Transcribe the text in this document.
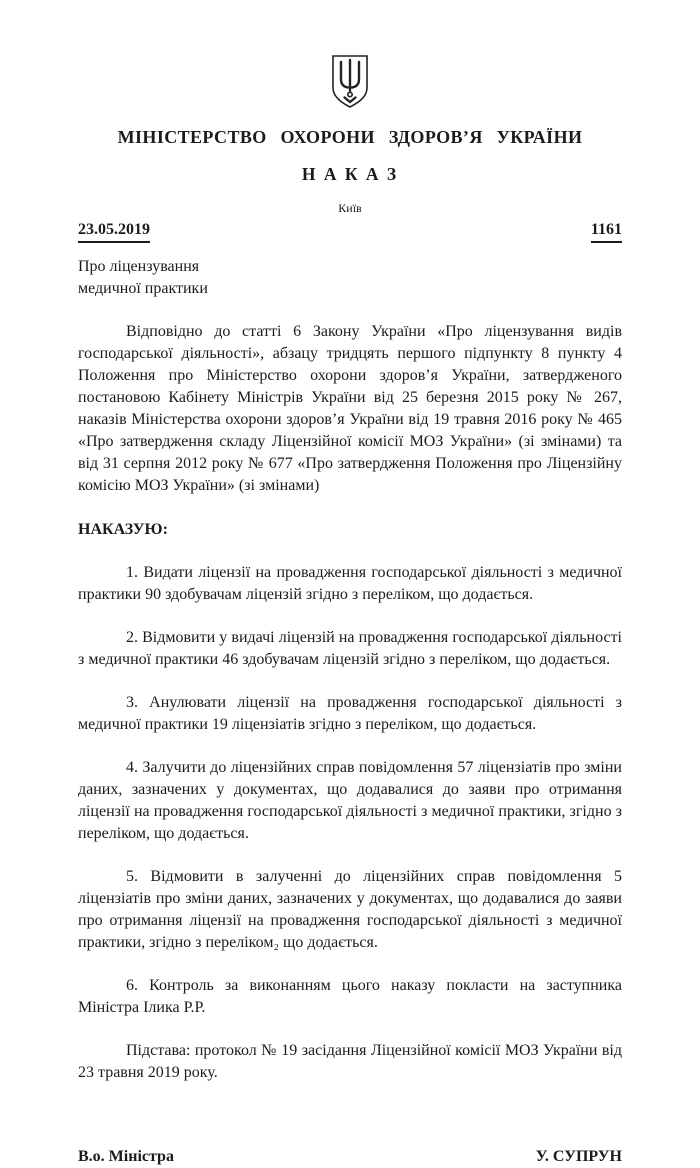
МІНІСТЕРСТВО ОХОРОНИ ЗДОРОВ’Я УКРАЇНИ
Н А К А З
Київ
23.05.2019	1161
Про ліцензування
медичної практики
Відповідно до статті 6 Закону України «Про ліцензування видів господарської діяльності», абзацу тридцять першого підпункту 8 пункту 4 Положення про Міністерство охорони здоров’я України, затвердженого постановою Кабінету Міністрів України від 25 березня 2015 року № 267, наказів Міністерства охорони здоров’я України від 19 травня 2016 року № 465 «Про затвердження складу Ліцензійної комісії МОЗ України» (зі змінами) та від 31 серпня 2012 року № 677 «Про затвердження Положення про Ліцензійну комісію МОЗ України» (зі змінами)
НАКАЗУЮ:
1. Видати ліцензії на провадження господарської діяльності з медичної практики 90 здобувачам ліцензій згідно з переліком, що додається.
2. Відмовити у видачі ліцензій на провадження господарської діяльності з медичної практики 46 здобувачам ліцензій згідно з переліком, що додається.
3. Анулювати ліцензії на провадження господарської діяльності з медичної практики 19 ліцензіатів згідно з переліком, що додається.
4. Залучити до ліцензійних справ повідомлення 57 ліцензіатів про зміни даних, зазначених у документах, що додавалися до заяви про отримання ліцензії на провадження господарської діяльності з медичної практики, згідно з переліком, що додається.
5. Відмовити в залученні до ліцензійних справ повідомлення 5 ліцензіатів про зміни даних, зазначених у документах, що додавалися до заяви про отримання ліцензії на провадження господарської діяльності з медичної практики, згідно з переліком₂ що додається.
6. Контроль за виконанням цього наказу покласти на заступника Міністра Ілика Р.Р.
Підстава: протокол № 19 засідання Ліцензійної комісії МОЗ України від 23 травня 2019 року.
В.о. Міністра	У. СУПРУН
